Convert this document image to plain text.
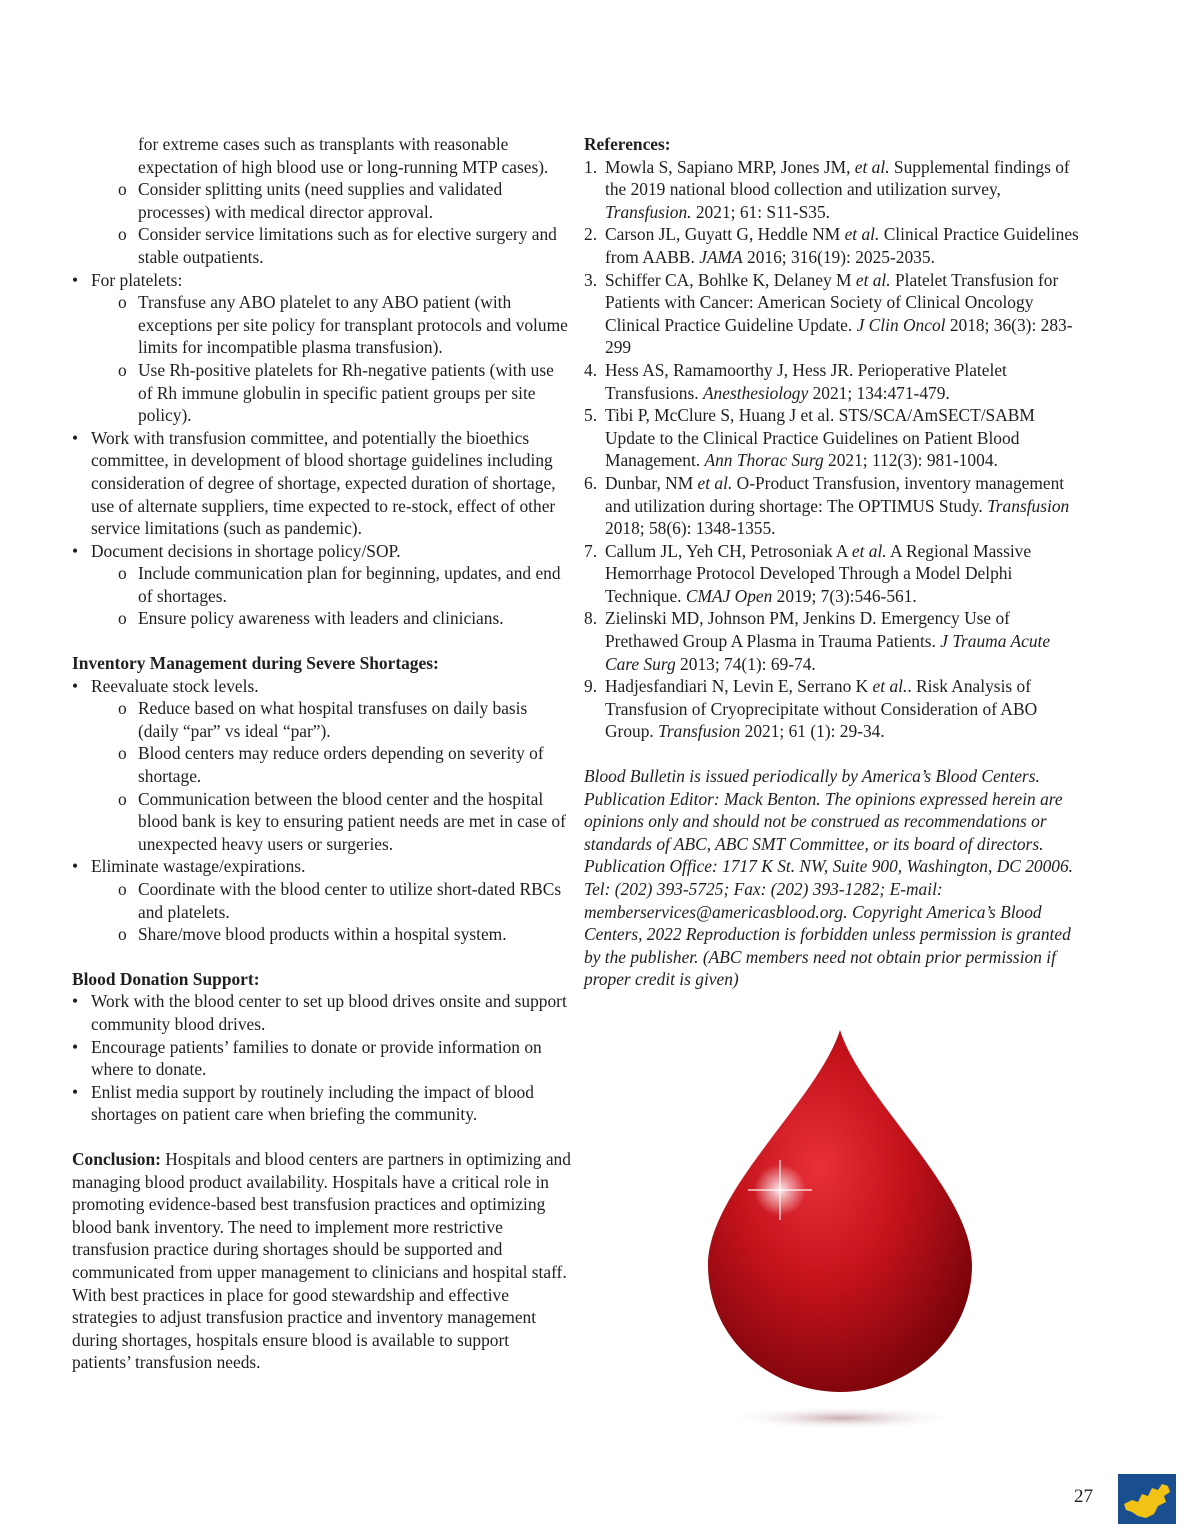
for extreme cases such as transplants with reasonable expectation of high blood use or long-running MTP cases).
o Consider splitting units (need supplies and validated processes) with medical director approval.
o Consider service limitations such as for elective surgery and stable outpatients.
• For platelets:
o Transfuse any ABO platelet to any ABO patient (with exceptions per site policy for transplant protocols and volume limits for incompatible plasma transfusion).
o Use Rh-positive platelets for Rh-negative patients (with use of Rh immune globulin in specific patient groups per site policy).
• Work with transfusion committee, and potentially the bioethics committee, in development of blood shortage guidelines including consideration of degree of shortage, expected duration of shortage, use of alternate suppliers, time expected to re-stock, effect of other service limitations (such as pandemic).
• Document decisions in shortage policy/SOP.
o Include communication plan for beginning, updates, and end of shortages.
o Ensure policy awareness with leaders and clinicians.

Inventory Management during Severe Shortages:

• Reevaluate stock levels.
o Reduce based on what hospital transfuses on daily basis (daily “par” vs ideal “par”).
o Blood centers may reduce orders depending on severity of shortage.
o Communication between the blood center and the hospital blood bank is key to ensuring patient needs are met in case of unexpected heavy users or surgeries.
• Eliminate wastage/expirations.
o Coordinate with the blood center to utilize short-dated RBCs and platelets.
o Share/move blood products within a hospital system.

Blood Donation Support:

• Work with the blood center to set up blood drives onsite and support community blood drives.
• Encourage patients’ families to donate or provide information on where to donate.
• Enlist media support by routinely including the impact of blood shortages on patient care when briefing the community.

Conclusion: Hospitals and blood centers are partners in optimizing and managing blood product availability. Hospitals have a critical role in promoting evidence-based best transfusion practices and optimizing blood bank inventory. The need to implement more restrictive transfusion practice during shortages should be supported and communicated from upper management to clinicians and hospital staff. With best practices in place for good stewardship and effective strategies to adjust transfusion practice and inventory management during shortages, hospitals ensure blood is available to support patients’ transfusion needs.

References:

1. Mowla S, Sapiano MRP, Jones JM, et al. Supplemental findings of the 2019 national blood collection and utilization survey, Transfusion. 2021; 61: S11-S35.
2. Carson JL, Guyatt G, Heddle NM et al. Clinical Practice Guidelines from AABB. JAMA 2016; 316(19): 2025-2035.
3. Schiffer CA, Bohlke K, Delaney M et al. Platelet Transfusion for Patients with Cancer: American Society of Clinical Oncology Clinical Practice Guideline Update. J Clin Oncol 2018; 36(3): 283-299
4. Hess AS, Ramamoorthy J, Hess JR. Perioperative Platelet Transfusions. Anesthesiology 2021; 134:471-479.
5. Tibi P, McClure S, Huang J et al. STS/SCA/AmSECT/SABM Update to the Clinical Practice Guidelines on Patient Blood Management. Ann Thorac Surg 2021; 112(3): 981-1004.
6. Dunbar, NM et al. O-Product Transfusion, inventory management and utilization during shortage: The OPTIMUS Study. Transfusion 2018; 58(6): 1348-1355.
7. Callum JL, Yeh CH, Petrosoniak A et al. A Regional Massive Hemorrhage Protocol Developed Through a Model Delphi Technique. CMAJ Open 2019; 7(3):546-561.
8. Zielinski MD, Johnson PM, Jenkins D. Emergency Use of Prethawed Group A Plasma in Trauma Patients. J Trauma Acute Care Surg 2013; 74(1): 69-74.
9. Hadjesfandiari N, Levin E, Serrano K et al.. Risk Analysis of Transfusion of Cryoprecipitate without Consideration of ABO Group. Transfusion 2021; 61 (1): 29-34.

Blood Bulletin is issued periodically by America’s Blood Centers. Publication Editor: Mack Benton. The opinions expressed herein are opinions only and should not be construed as recommendations or standards of ABC, ABC SMT Committee, or its board of directors. Publication Office: 1717 K St. NW, Suite 900, Washington, DC 20006. Tel: (202) 393-5725; Fax: (202) 393-1282; E-mail: memberservices@americasblood.org. Copyright America’s Blood Centers, 2022 Reproduction is forbidden unless permission is granted by the publisher. (ABC members need not obtain prior permission if proper credit is given)

27
